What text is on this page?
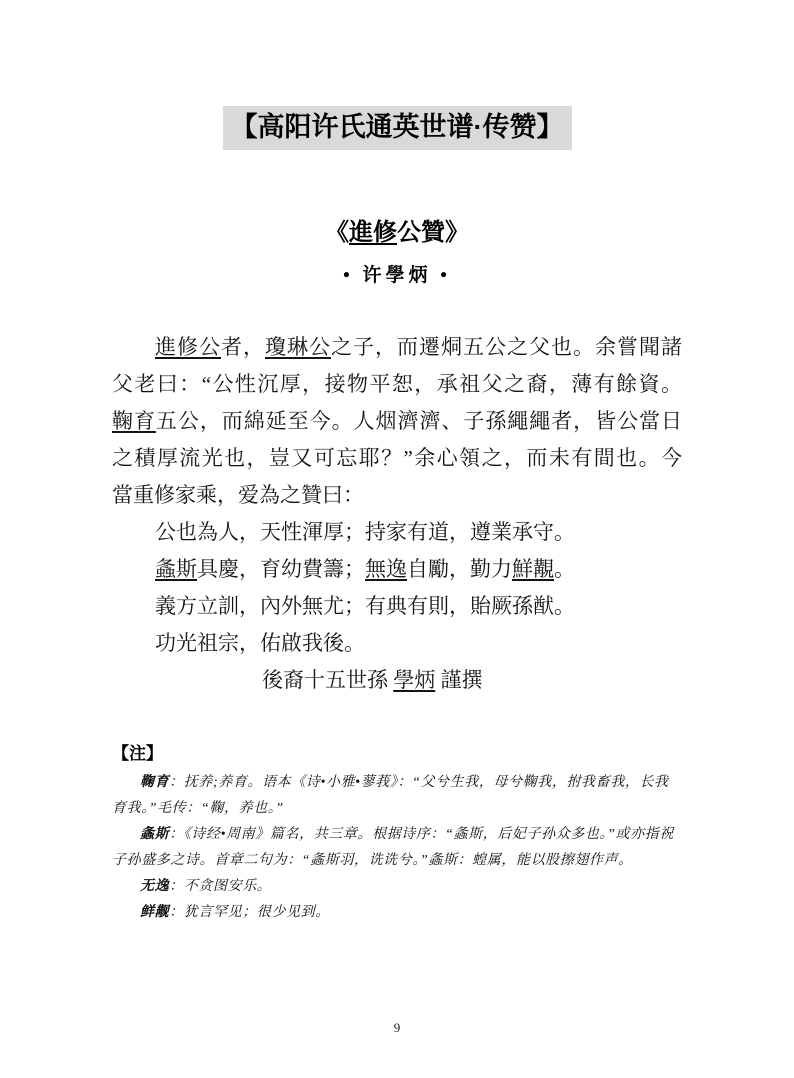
【高阳许氏通英世谱·传赞】
《進修公贊》
• 许學炳 •
進修公者，瓊琳公之子，而遷烔五公之父也。余嘗聞諸
父老曰：“公性沉厚，接物平恕，承祖父之裔，薄有餘資。
鞠育五公，而綿延至今。人烟濟濟、子孫繩繩者，皆公當日
之積厚流光也，豈又可忘耶？”余心領之，而未有間也。今
當重修家乘，爱為之贊曰：
公也為人，天性渾厚；持家有道，遵業承守。
螽斯具慶，育幼費籌；無逸自勵，勤力鮮覯。
義方立訓，內外無尤；有典有則，貽厥孫猷。
功光祖宗，佑啟我後。
後裔十五世孫 學炳 謹撰
【注】

鞠育：抚养;养育。语本《诗•小雅•蓼莪》：“父兮生我，母兮鞠我，拊我畜我，长我育我。”毛传：“鞠，养也。”

螽斯：《诗经•周南》篇名，共三章。根据诗序：“螽斯，后妃子孙众多也。”或亦指祝子孙盛多之诗。首章二句为：“螽斯羽，诜诜兮。”螽斯：蝗属，能以股擦翅作声。

无逸：不贪图安乐。

鲜觏：犹言罕见；很少见到。

9
